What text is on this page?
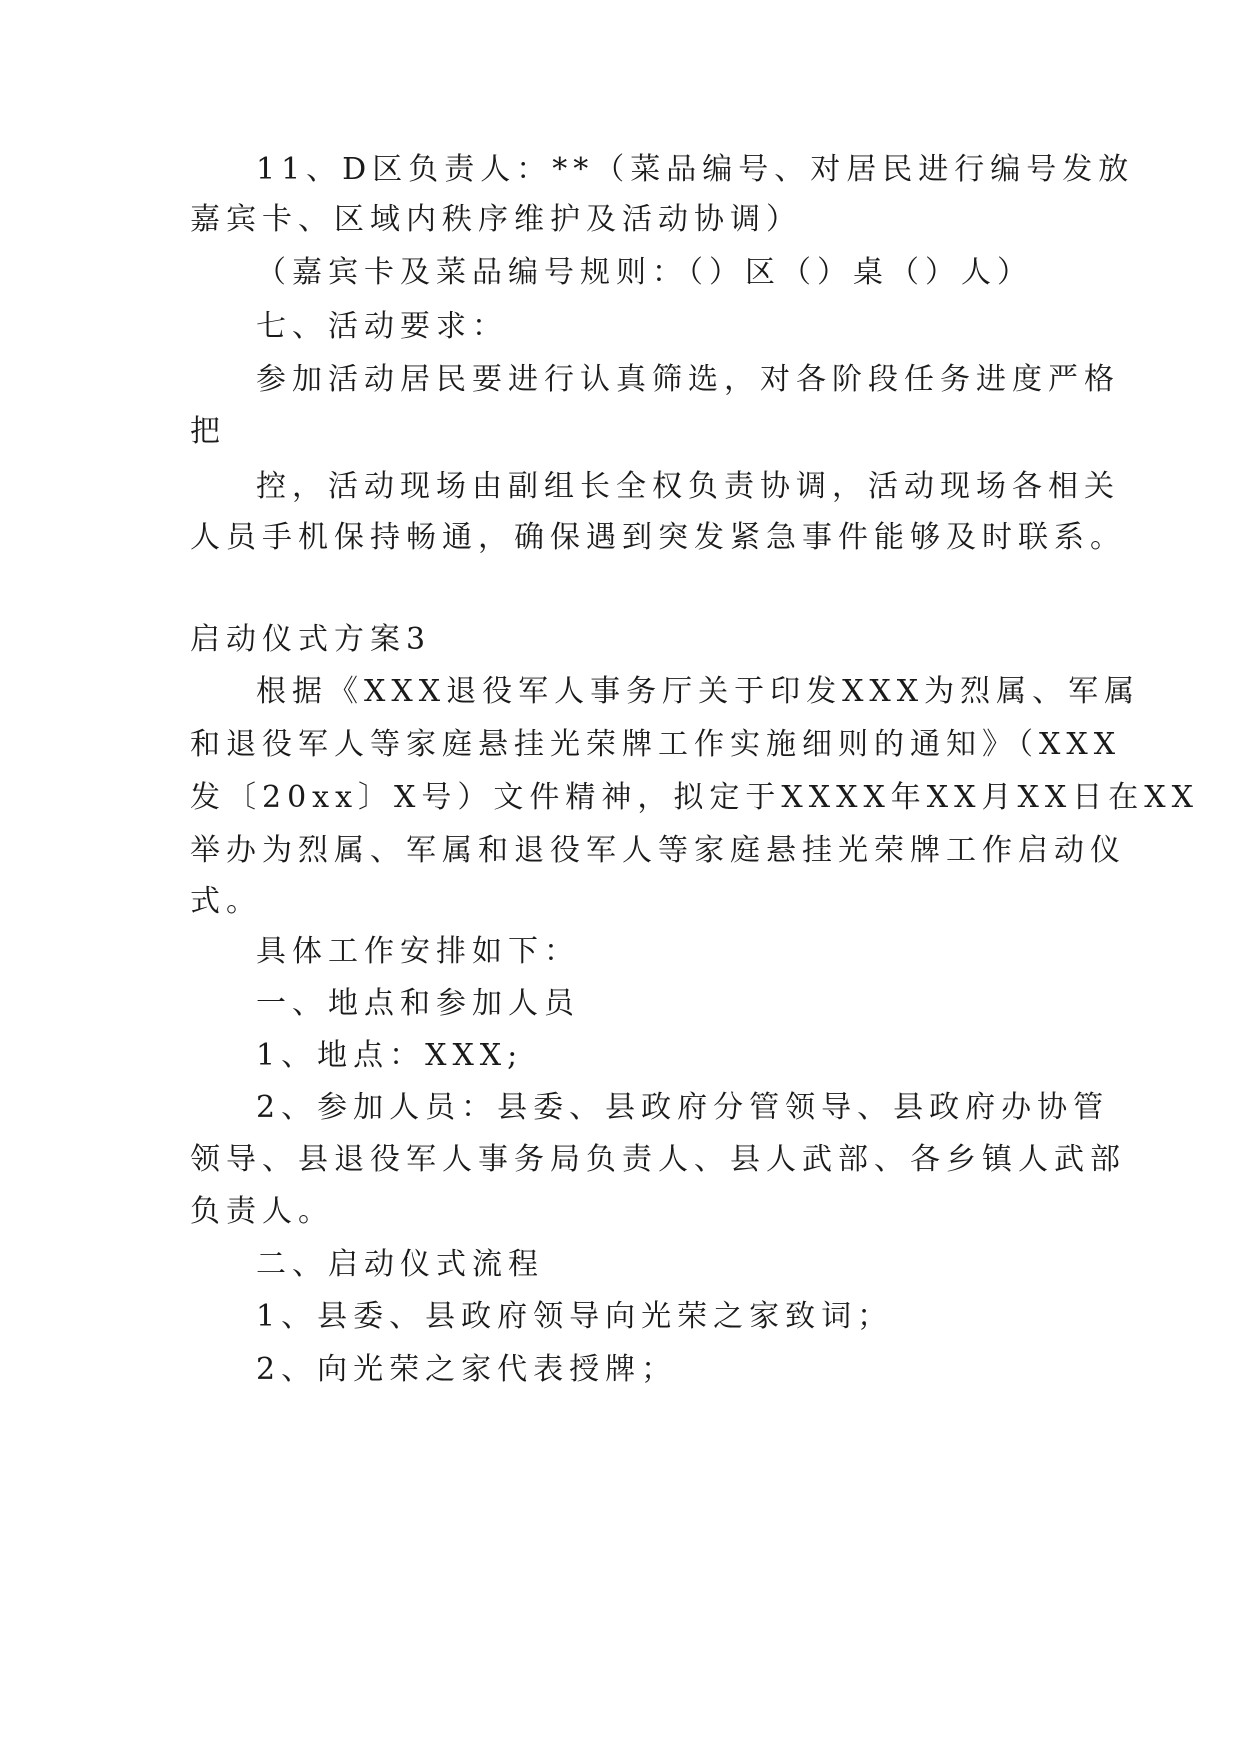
11、D区负责人：**（菜品编号、对居民进行编号发放
嘉宾卡、区域内秩序维护及活动协调）
（嘉宾卡及菜品编号规则：（）区（）桌（）人）
七、活动要求：
参加活动居民要进行认真筛选，对各阶段任务进度严格
把
控，活动现场由副组长全权负责协调，活动现场各相关
人员手机保持畅通，确保遇到突发紧急事件能够及时联系。
启动仪式方案3
根据《XXX退役军人事务厅关于印发XXX为烈属、军属
和退役军人等家庭悬挂光荣牌工作实施细则的通知》（XXX
发〔20xx〕X号）文件精神，拟定于XXXX年XX月XX日在XX
举办为烈属、军属和退役军人等家庭悬挂光荣牌工作启动仪
式。
具体工作安排如下：
一、地点和参加人员
1、地点：XXX;
2、参加人员：县委、县政府分管领导、县政府办协管
领导、县退役军人事务局负责人、县人武部、各乡镇人武部
负责人。
二、启动仪式流程
1、县委、县政府领导向光荣之家致词；
2、向光荣之家代表授牌；
